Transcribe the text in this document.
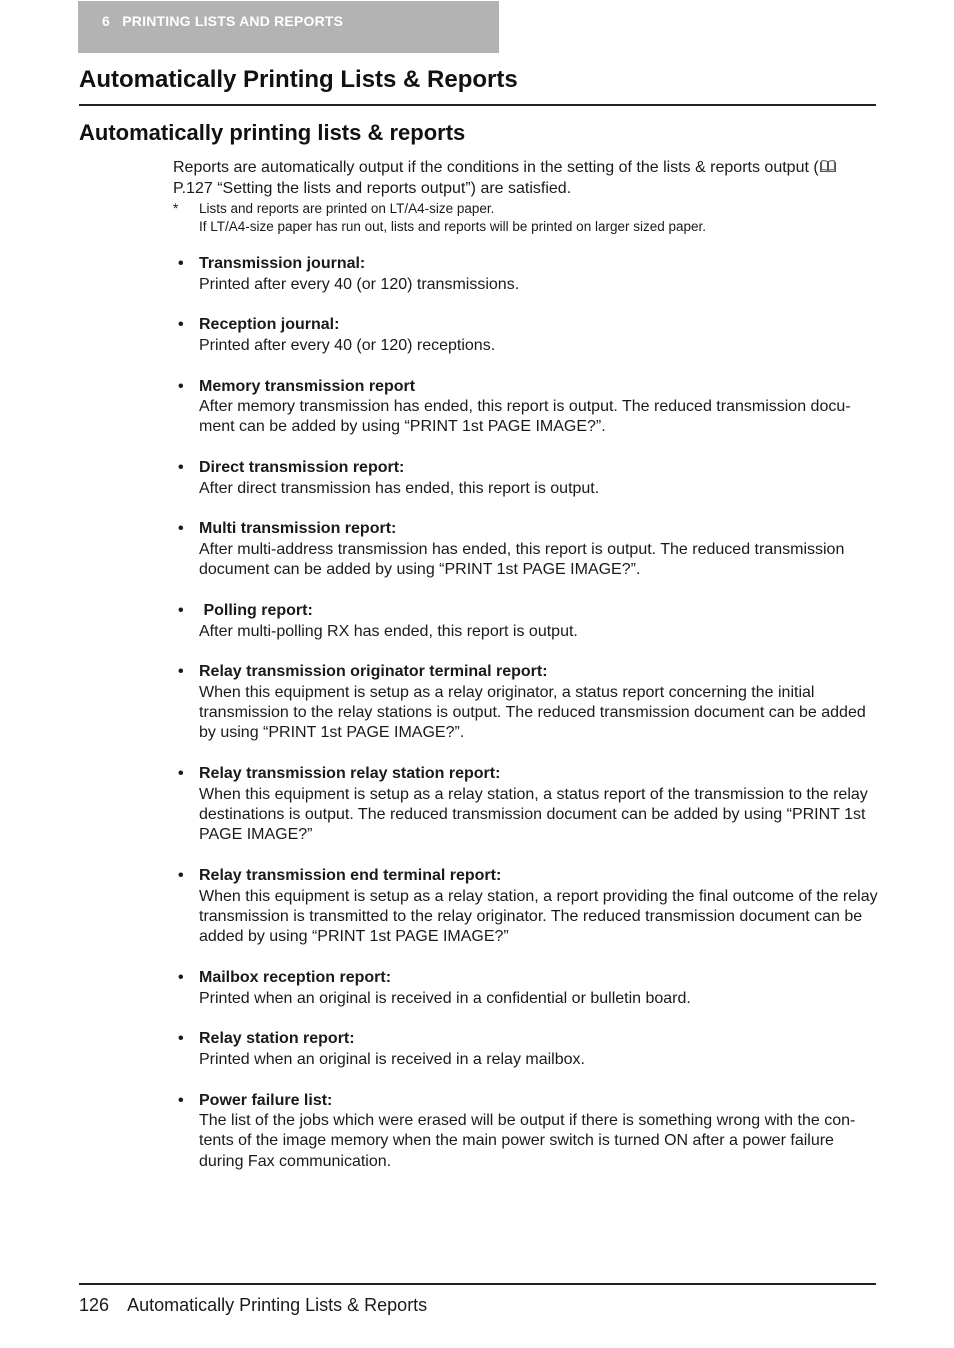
6   PRINTING LISTS AND REPORTS
Automatically Printing Lists & Reports
Automatically printing lists & reports
Reports are automatically output if the conditions in the setting of the lists & reports output (
P.127 “Setting the lists and reports output”) are satisfied.
* Lists and reports are printed on LT/A4-size paper.
If LT/A4-size paper has run out, lists and reports will be printed on larger sized paper.
• Transmission journal:
Printed after every 40 (or 120) transmissions.
• Reception journal:
Printed after every 40 (or 120) receptions.
• Memory transmission report
After memory transmission has ended, this report is output. The reduced transmission docu-ment can be added by using “PRINT 1st PAGE IMAGE?”.
• Direct transmission report:
After direct transmission has ended, this report is output.
• Multi transmission report:
After multi-address transmission has ended, this report is output. The reduced transmission document can be added by using “PRINT 1st PAGE IMAGE?”.
• Polling report:
After multi-polling RX has ended, this report is output.
• Relay transmission originator terminal report:
When this equipment is setup as a relay originator, a status report concerning the initial transmission to the relay stations is output. The reduced transmission document can be added by using “PRINT 1st PAGE IMAGE?”.
• Relay transmission relay station report:
When this equipment is setup as a relay station, a status report of the transmission to the relay destinations is output. The reduced transmission document can be added by using “PRINT 1st PAGE IMAGE?”
• Relay transmission end terminal report:
When this equipment is setup as a relay station, a report providing the final outcome of the relay transmission is transmitted to the relay originator. The reduced transmission document can be added by using “PRINT 1st PAGE IMAGE?”
• Mailbox reception report:
Printed when an original is received in a confidential or bulletin board.
• Relay station report:
Printed when an original is received in a relay mailbox.
• Power failure list:
The list of the jobs which were erased will be output if there is something wrong with the con-tents of the image memory when the main power switch is turned ON after a power failure during Fax communication.
126 Automatically Printing Lists & Reports
